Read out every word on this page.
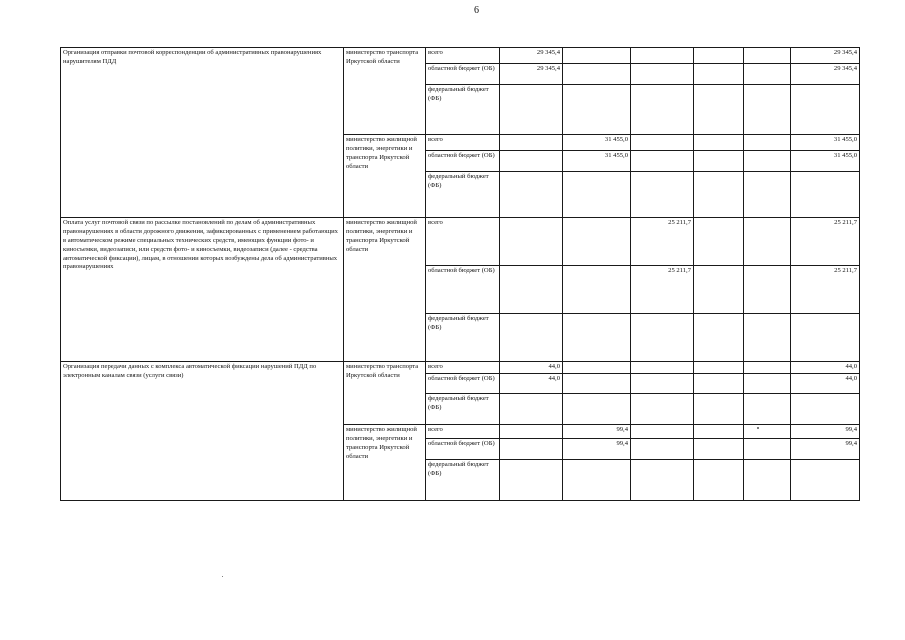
6
Организация отправки почтовой корреспонденции об административных правонарушениях нарушителям ПДД	министерство транспорта Иркутской области	всего	29 345,4					29 345,4
		областной бюджет (ОБ)	29 345,4					29 345,4
		федеральный бюджет (ФБ)						
	министерство жилищной политики, энергетики и транспорта Иркутской области	всего		31 455,0				31 455,0
		областной бюджет (ОБ)		31 455,0				31 455,0
		федеральный бюджет (ФБ)						
Оплата услуг почтовой связи по рассылке постановлений по делам об административных правонарушениях в области дорожного движения, зафиксированных с применением работающих в автоматическом режиме специальных технических средств, имеющих функции фото- и киносъемки, видеозаписи, или средств фото- и киносъемки, видеозаписи (далее - средства автоматической фиксации), лицам, в отношении которых возбуждены дела об административных правонарушениях	министерство жилищной политики, энергетики и транспорта Иркутской области	всего			25 211,7			25 211,7
		областной бюджет (ОБ)			25 211,7			25 211,7
		федеральный бюджет (ФБ)						
Организация передачи данных с комплекса автоматической фиксации нарушений ПДД по электронным каналам связи (услуги связи)	министерство транспорта Иркутской области	всего	44,0					44,0
		областной бюджет (ОБ)	44,0					44,0
		федеральный бюджет (ФБ)						
	министерство жилищной политики, энергетики и транспорта Иркутской области	всего		99,4				99,4
		областной бюджет (ОБ)		99,4				99,4
		федеральный бюджет (ФБ)						
